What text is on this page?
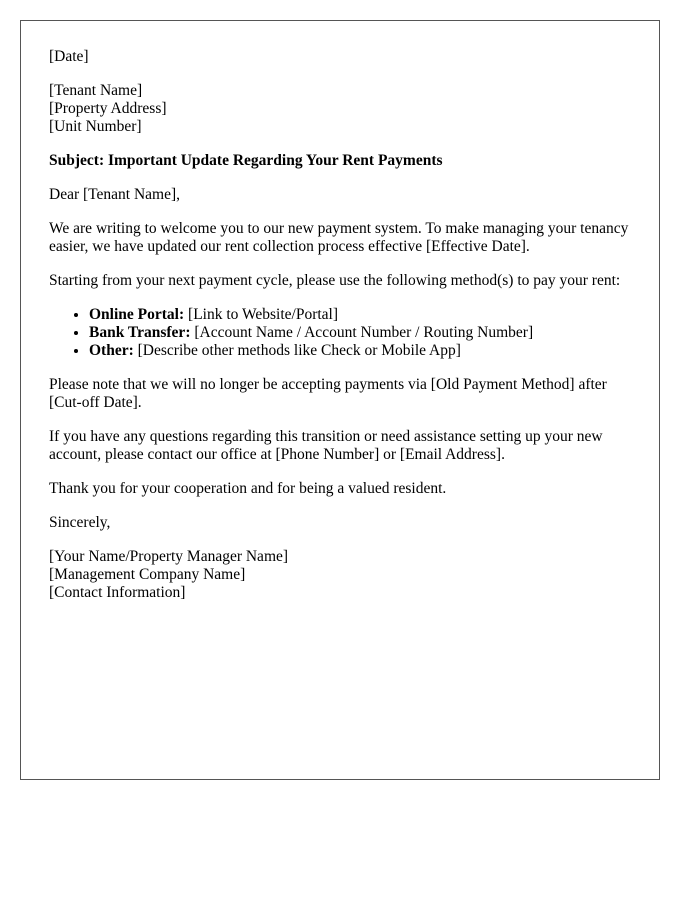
[Date]

[Tenant Name]

[Property Address]

[Unit Number]

Subject: Important Update Regarding Your Rent Payments

Dear [Tenant Name],

We are writing to welcome you to our new payment system. To make managing your tenancy easier, we have updated our rent collection process effective [Effective Date].

Starting from your next payment cycle, please use the following method(s) to pay your rent:

• Online Portal: [Link to Website/Portal]
• Bank Transfer: [Account Name / Account Number / Routing Number]
• Other: [Describe other methods like Check or Mobile App]

Please note that we will no longer be accepting payments via [Old Payment Method] after [Cut-off Date].

If you have any questions regarding this transition or need assistance setting up your new account, please contact our office at [Phone Number] or [Email Address].

Thank you for your cooperation and for being a valued resident.

Sincerely,

[Your Name/Property Manager Name]

[Management Company Name]

[Contact Information]
